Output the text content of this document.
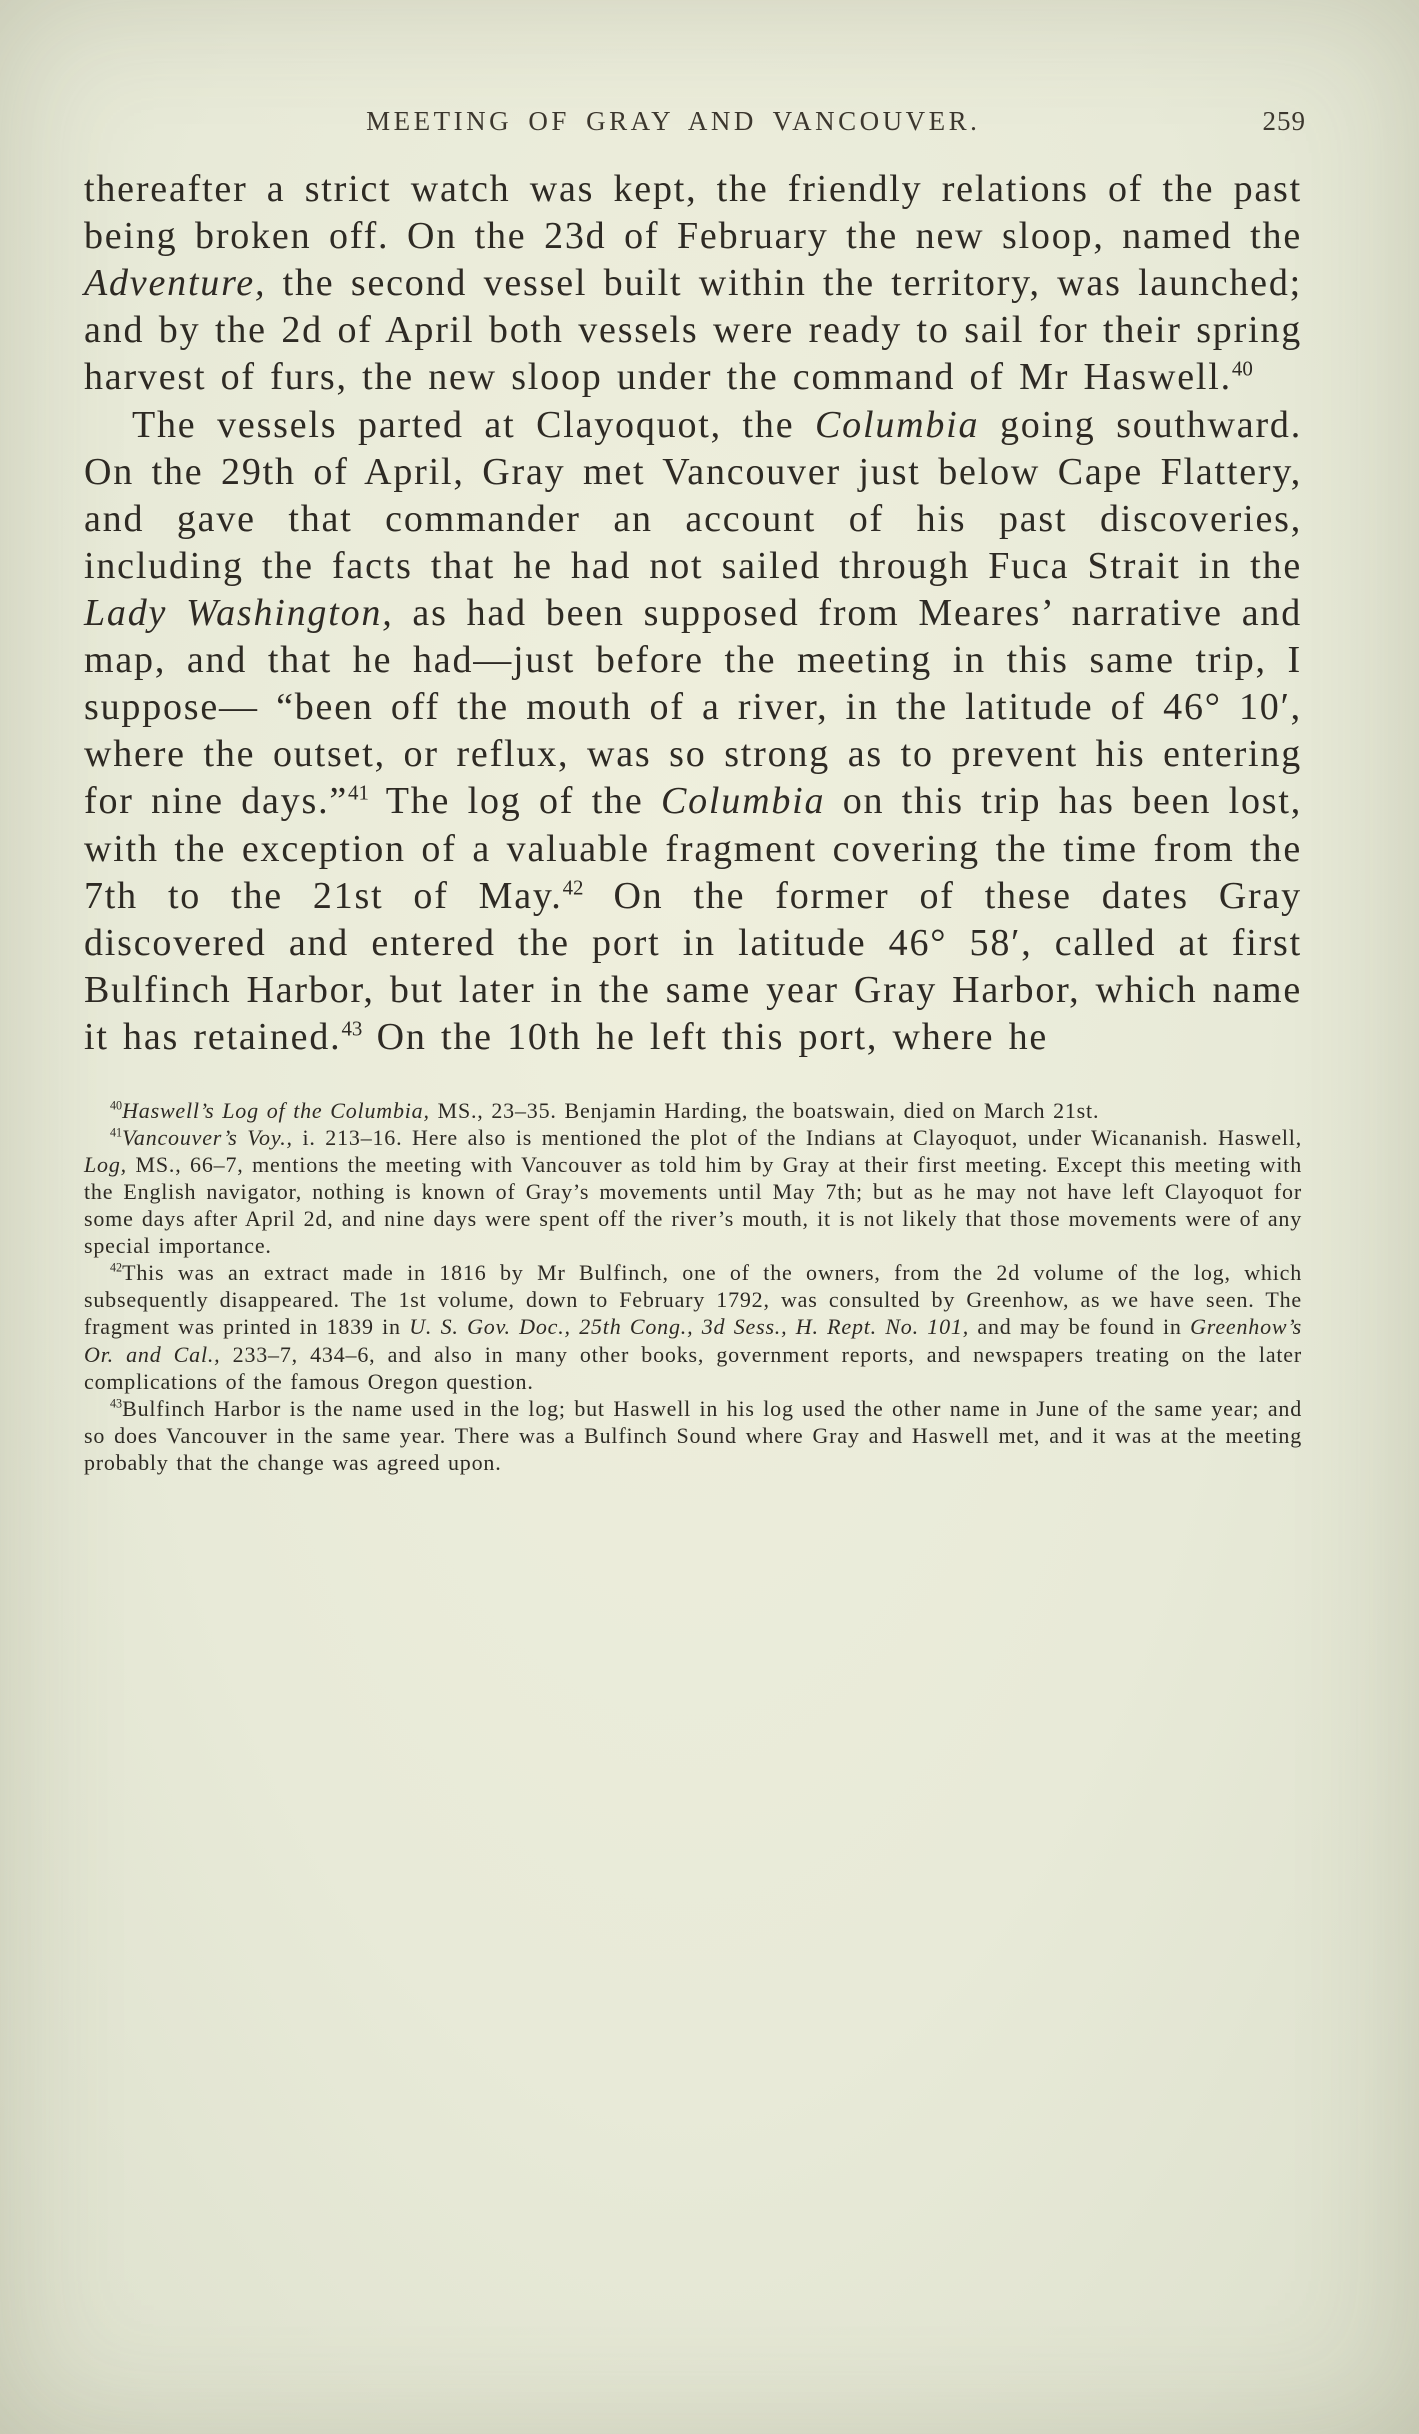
MEETING OF GRAY AND VANCOUVER.	259

thereafter a strict watch was kept, the friendly relations of the past being broken off. On the 23d of February the new sloop, named the Adventure, the second vessel built within the territory, was launched; and by the 2d of April both vessels were ready to sail for their spring harvest of furs, the new sloop under the command of Mr Haswell.$^{40}$

The vessels parted at Clayoquot, the Columbia going southward. On the 29th of April, Gray met Vancouver just below Cape Flattery, and gave that commander an account of his past discoveries, including the facts that he had not sailed through Fuca Strait in the Lady Washington, as had been supposed from Meares’ narrative and map, and that he had—just before the meeting in this same trip, I suppose— “been off the mouth of a river, in the latitude of 46° 10′, where the outset, or reflux, was so strong as to prevent his entering for nine days.”$^{41}$ The log of the Columbia on this trip has been lost, with the exception of a valuable fragment covering the time from the 7th to the 21st of May.$^{42}$ On the former of these dates Gray discovered and entered the port in latitude 46° 58′, called at first Bulfinch Harbor, but later in the same year Gray Harbor, which name it has retained.$^{43}$ On the 10th he left this port, where he

$^{40}$Haswell’s Log of the Columbia, MS., 23–35. Benjamin Harding, the boatswain, died on March 21st.

$^{41}$Vancouver’s Voy., i. 213–16. Here also is mentioned the plot of the Indians at Clayoquot, under Wicananish. Haswell, Log, MS., 66–7, mentions the meeting with Vancouver as told him by Gray at their first meeting. Except this meeting with the English navigator, nothing is known of Gray’s movements until May 7th; but as he may not have left Clayoquot for some days after April 2d, and nine days were spent off the river’s mouth, it is not likely that those movements were of any special importance.

$^{42}$This was an extract made in 1816 by Mr Bulfinch, one of the owners, from the 2d volume of the log, which subsequently disappeared. The 1st volume, down to February 1792, was consulted by Greenhow, as we have seen. The fragment was printed in 1839 in U. S. Gov. Doc., 25th Cong., 3d Sess., H. Rept. No. 101, and may be found in Greenhow’s Or. and Cal., 233–7, 434–6, and also in many other books, government reports, and newspapers treating on the later complications of the famous Oregon question.

$^{43}$Bulfinch Harbor is the name used in the log; but Haswell in his log used the other name in June of the same year; and so does Vancouver in the same year. There was a Bulfinch Sound where Gray and Haswell met, and it was at the meeting probably that the change was agreed upon.
